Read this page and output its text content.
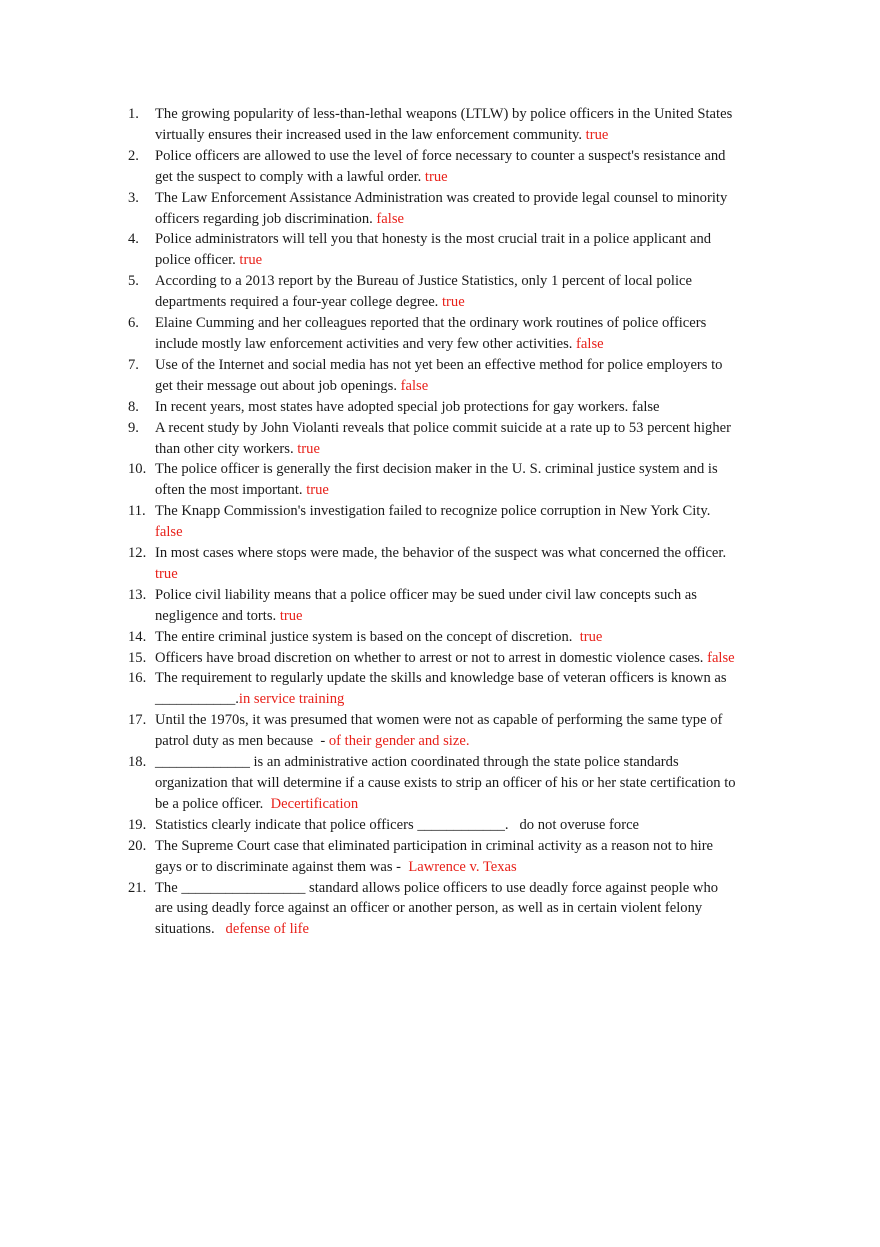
1.	The growing popularity of less-than-lethal weapons (LTLW) by police officers in the United States virtually ensures their increased used in the law enforcement community. true
2.	Police officers are allowed to use the level of force necessary to counter a suspect's resistance and get the suspect to comply with a lawful order. true
3.	The Law Enforcement Assistance Administration was created to provide legal counsel to minority officers regarding job discrimination. false
4.	Police administrators will tell you that honesty is the most crucial trait in a police applicant and police officer. true
5.	According to a 2013 report by the Bureau of Justice Statistics, only 1 percent of local police departments required a four-year college degree. true
6.	Elaine Cumming and her colleagues reported that the ordinary work routines of police officers include mostly law enforcement activities and very few other activities. false
7.	Use of the Internet and social media has not yet been an effective method for police employers to get their message out about job openings. false
8.	In recent years, most states have adopted special job protections for gay workers. false
9.	A recent study by John Violanti reveals that police commit suicide at a rate up to 53 percent higher than other city workers. true
10. The police officer is generally the first decision maker in the U. S. criminal justice system and is often the most important. true
11. The Knapp Commission's investigation failed to recognize police corruption in New York City. false
12. In most cases where stops were made, the behavior of the suspect was what concerned the officer. true
13. Police civil liability means that a police officer may be sued under civil law concepts such as negligence and torts. true
14. The entire criminal justice system is based on the concept of discretion.  true
15. Officers have broad discretion on whether to arrest or not to arrest in domestic violence cases. false
16. The requirement to regularly update the skills and knowledge base of veteran officers is known as ___________.in service training
17. Until the 1970s, it was presumed that women were not as capable of performing the same type of patrol duty as men because  - of their gender and size.
18. _____________ is an administrative action coordinated through the state police standards organization that will determine if a cause exists to strip an officer of his or her state certification to be a police officer.  Decertification
19. Statistics clearly indicate that police officers ____________.   do not overuse force
20. The Supreme Court case that eliminated participation in criminal activity as a reason not to hire gays or to discriminate against them was -  Lawrence v. Texas
21. The _________________ standard allows police officers to use deadly force against people who are using deadly force against an officer or another person, as well as in certain violent felony situations.   defense of life
